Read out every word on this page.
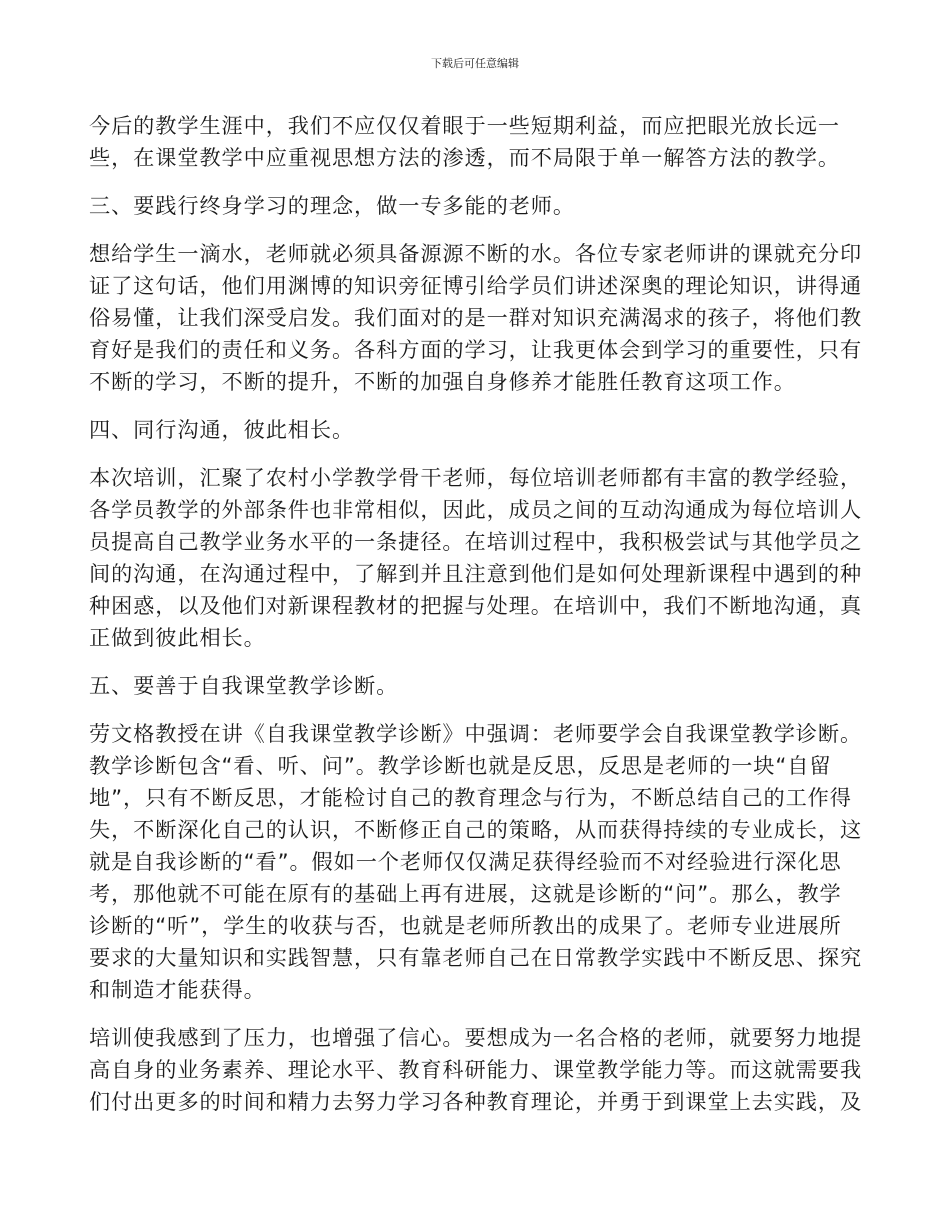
下载后可任意编辑

今后的教学生涯中，我们不应仅仅着眼于一些短期利益，而应把眼光放长远一
些，在课堂教学中应重视思想方法的渗透，而不局限于单一解答方法的教学。

三、要践行终身学习的理念，做一专多能的老师。

想给学生一滴水，老师就必须具备源源不断的水。各位专家老师讲的课就充分印
证了这句话，他们用渊博的知识旁征博引给学员们讲述深奥的理论知识，讲得通
俗易懂，让我们深受启发。我们面对的是一群对知识充满渴求的孩子，将他们教
育好是我们的责任和义务。各科方面的学习，让我更体会到学习的重要性，只有
不断的学习，不断的提升，不断的加强自身修养才能胜任教育这项工作。

四、同行沟通，彼此相长。

本次培训，汇聚了农村小学教学骨干老师，每位培训老师都有丰富的教学经验，
各学员教学的外部条件也非常相似，因此，成员之间的互动沟通成为每位培训人
员提高自己教学业务水平的一条捷径。在培训过程中，我积极尝试与其他学员之
间的沟通，在沟通过程中，了解到并且注意到他们是如何处理新课程中遇到的种
种困惑，以及他们对新课程教材的把握与处理。在培训中，我们不断地沟通，真
正做到彼此相长。

五、要善于自我课堂教学诊断。

劳文格教授在讲《自我课堂教学诊断》中强调：老师要学会自我课堂教学诊断。
教学诊断包含“看、听、问”。教学诊断也就是反思，反思是老师的一块“自留
地”，只有不断反思，才能检讨自己的教育理念与行为，不断总结自己的工作得
失，不断深化自己的认识，不断修正自己的策略，从而获得持续的专业成长，这
就是自我诊断的“看”。假如一个老师仅仅满足获得经验而不对经验进行深化思
考，那他就不可能在原有的基础上再有进展，这就是诊断的“问”。那么，教学
诊断的“听”，学生的收获与否，也就是老师所教出的成果了。老师专业进展所
要求的大量知识和实践智慧，只有靠老师自己在日常教学实践中不断反思、探究
和制造才能获得。

培训使我感到了压力，也增强了信心。要想成为一名合格的老师，就要努力地提
高自身的业务素养、理论水平、教育科研能力、课堂教学能力等。而这就需要我
们付出更多的时间和精力去努力学习各种教育理论，并勇于到课堂上去实践，及
